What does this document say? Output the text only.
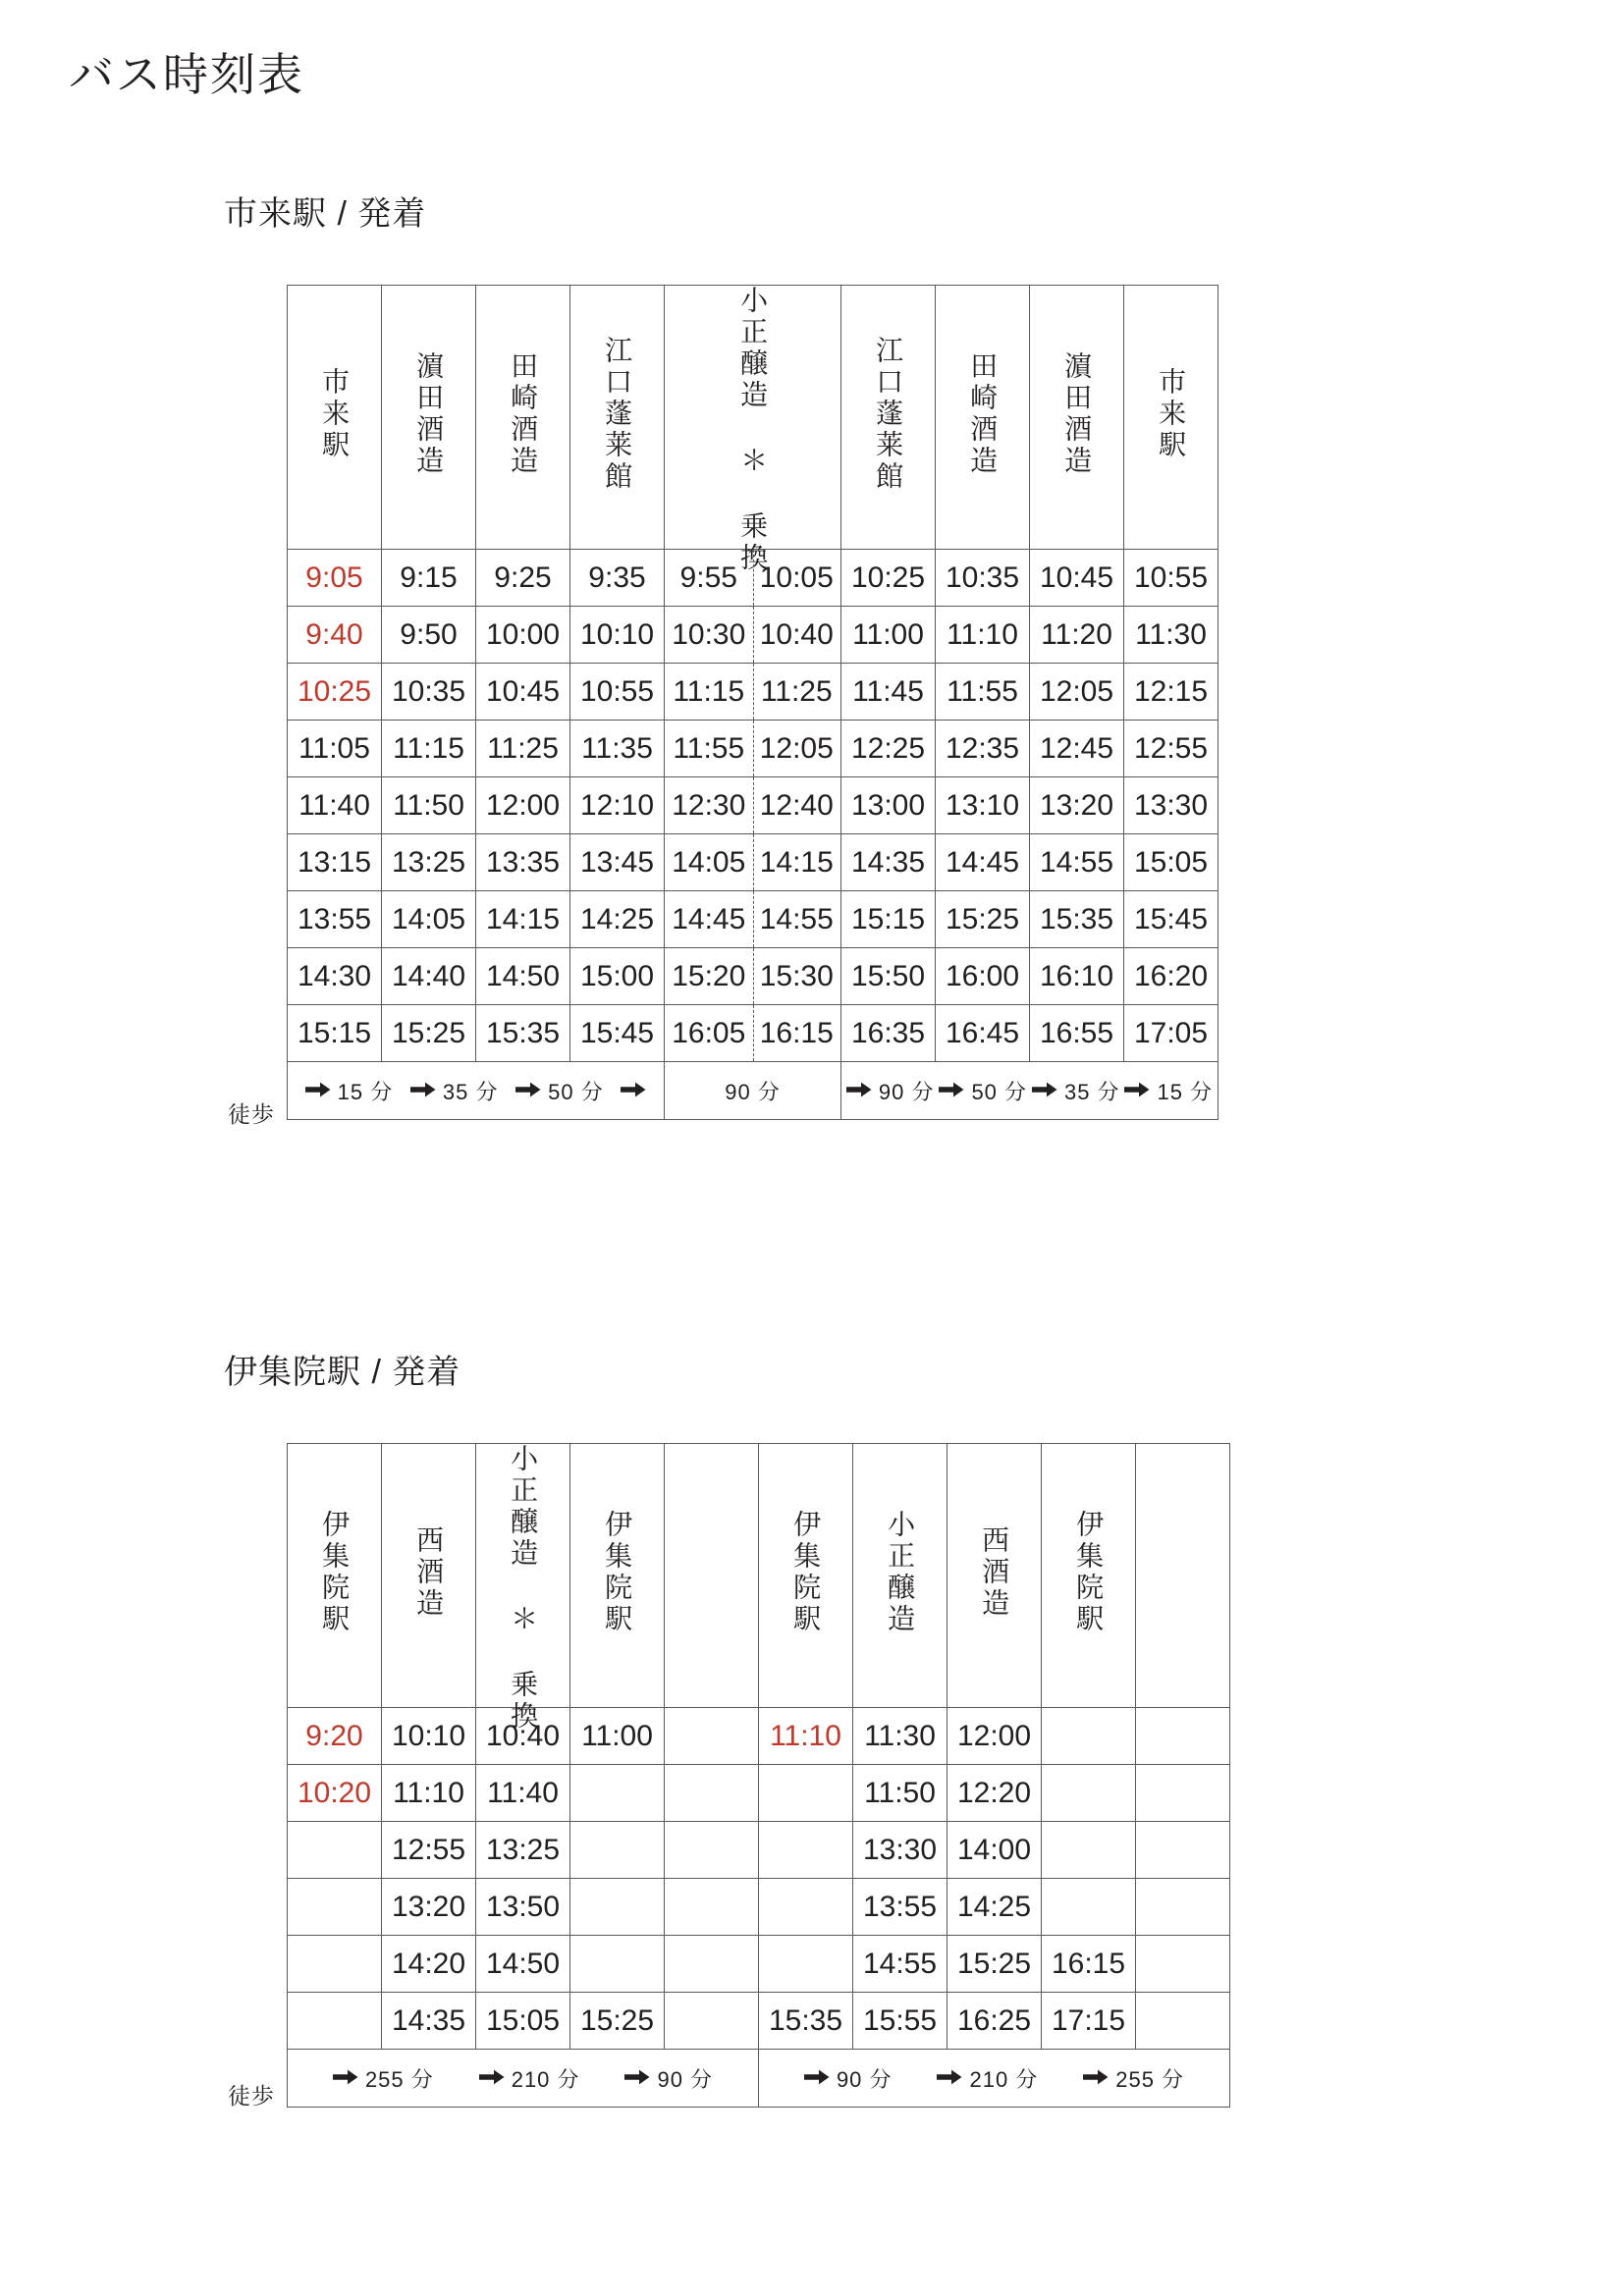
バス時刻表
市来駅 / 発着
市来駅	濵田酒造	田崎酒造	江口蓬莱館	小正醸造 ＊ 乗換	江口蓬莱館	田崎酒造	濵田酒造	市来駅
9:05	9:15	9:25	9:35	9:55 10:05	10:25	10:35	10:45	10:55
9:40	9:50	10:00	10:10	10:30 10:40	11:00	11:10	11:20	11:30
10:25	10:35	10:45	10:55	11:15 11:25	11:45	11:55	12:05	12:15
11:05	11:15	11:25	11:35	11:55 12:05	12:25	12:35	12:45	12:55
11:40	11:50	12:00	12:10	12:30 12:40	13:00	13:10	13:20	13:30
13:15	13:25	13:35	13:45	14:05 14:15	14:35	14:45	14:55	15:05
13:55	14:05	14:15	14:25	14:45 14:55	15:15	15:25	15:35	15:45
14:30	14:40	14:50	15:00	15:20 15:30	15:50	16:00	16:10	16:20
15:15	15:25	15:35	15:45	16:05 16:15	16:35	16:45	16:55	17:05

15 分 35 分 50 分				90 分	90 分 50 分 35 分 15 分			
徒歩
伊集院駅 / 発着
伊集院駅	西酒造	小正醸造 ＊ 乗換	伊集院駅		伊集院駅	小正醸造	西酒造	伊集院駅	
9:20	10:10	10:40	11:00		11:10	11:30	12:00		
10:20	11:10	11:40				11:50	12:20		
	12:55	13:25				13:30	14:00		
	13:20	13:50				13:55	14:25		
	14:20	14:50				14:55	15:25	16:15	
	14:35	15:05	15:25		15:35	15:55	16:25	17:15	

255 分 210 分 90 分					90 分 210 分 255 分				
徒歩
